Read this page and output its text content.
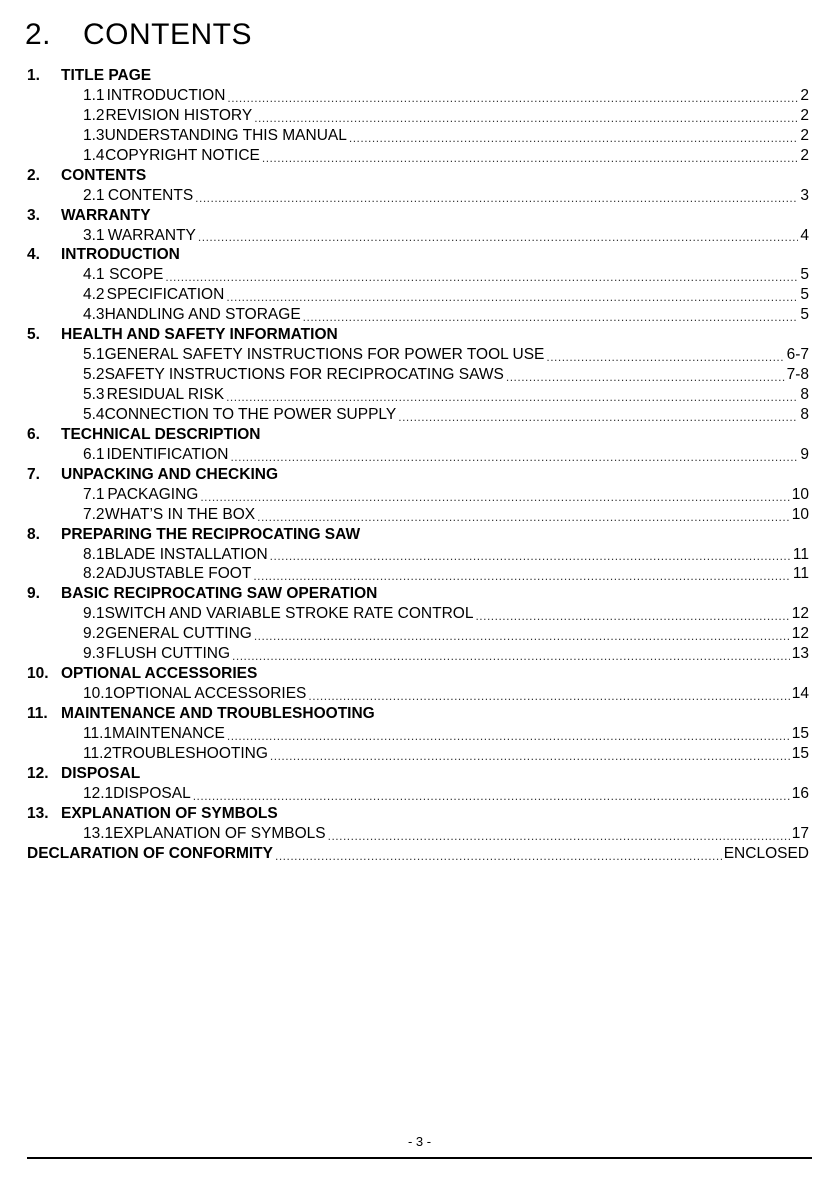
2. CONTENTS
1.	TITLE PAGE
1.1 INTRODUCTION .....	2
1.2 REVISION HISTORY .....	2
1.3 UNDERSTANDING THIS MANUAL .....	2
1.4 COPYRIGHT NOTICE .....	2
2.	CONTENTS
2.1 CONTENTS .....	3
3.	WARRANTY
3.1 WARRANTY .....	4
4.	INTRODUCTION
4.1 SCOPE .....	5
4.2 SPECIFICATION .....	5
4.3 HANDLING AND STORAGE .....	5
5.	HEALTH AND SAFETY INFORMATION
5.1 GENERAL SAFETY INSTRUCTIONS FOR POWER TOOL USE .....	6-7
5.2 SAFETY INSTRUCTIONS FOR RECIPROCATING SAWS .....	7-8
5.3 RESIDUAL RISK .....	8
5.4 CONNECTION TO THE POWER SUPPLY .....	8
6.	TECHNICAL DESCRIPTION
6.1 IDENTIFICATION .....	9
7.	UNPACKING AND CHECKING
7.1 PACKAGING .....	10
7.2 WHAT’S IN THE BOX .....	10
8.	PREPARING THE RECIPROCATING SAW
8.1 BLADE INSTALLATION .....	11
8.2 ADJUSTABLE FOOT .....	11
9.	BASIC RECIPROCATING SAW OPERATION
9.1 SWITCH AND VARIABLE STROKE RATE CONTROL .....	12
9.2 GENERAL CUTTING .....	12
9.3 FLUSH CUTTING .....	13
10. OPTIONAL ACCESSORIES
10.1 OPTIONAL ACCESSORIES .....	14
11. MAINTENANCE AND TROUBLESHOOTING
11.1 MAINTENANCE .....	15
11.2 TROUBLESHOOTING .....	15
12. DISPOSAL
12.1 DISPOSAL .....	16
13. EXPLANATION OF SYMBOLS
13.1 EXPLANATION OF SYMBOLS .....	17
DECLARATION OF CONFORMITY .....	ENCLOSED
- 3 -
